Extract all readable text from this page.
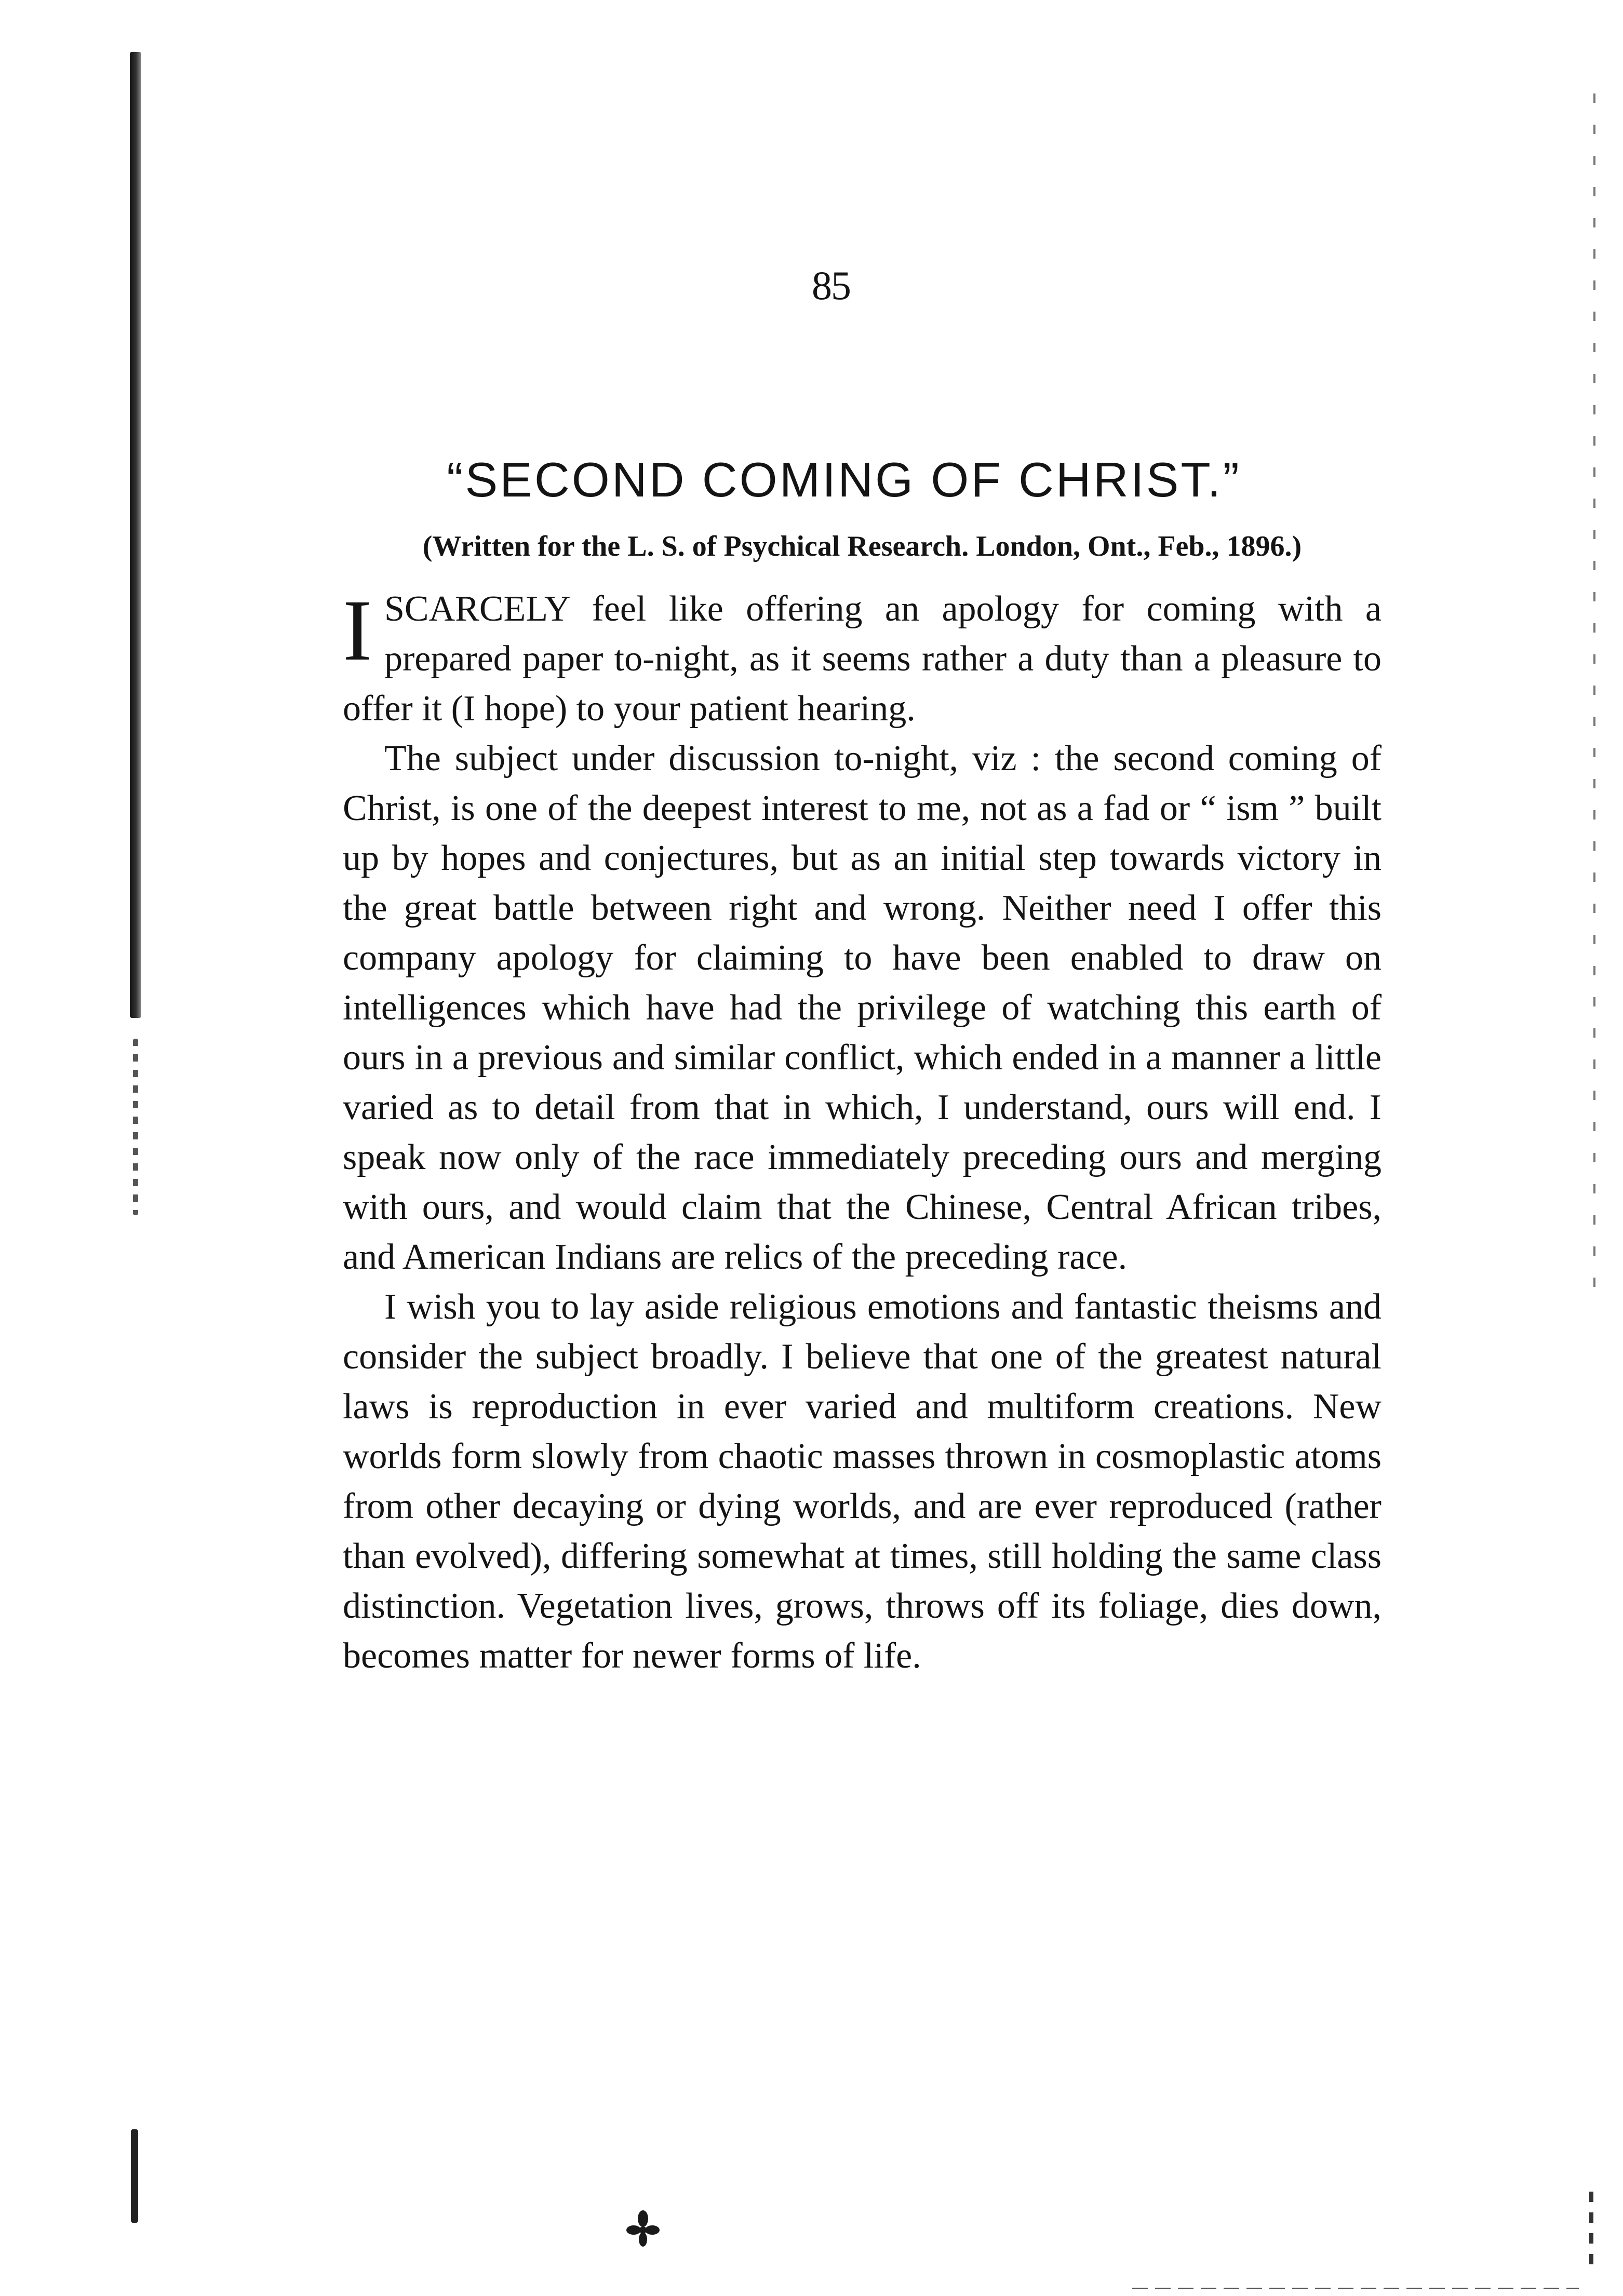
85
“SECOND COMING OF CHRIST.”
(Written for the L. S. of Psychical Research. London, Ont., Feb., 1896.)

I SCARCELY feel like offering an apology for coming with a prepared paper to-night, as it seems rather a duty than a pleasure to offer it (I hope) to your patient hearing.

The subject under discussion to-night, viz : the second coming of Christ, is one of the deepest interest to me, not as a fad or “ ism ” built up by hopes and conjectures, but as an initial step towards victory in the great battle between right and wrong. Neither need I offer this company apology for claiming to have been enabled to draw on intelligences which have had the privilege of watching this earth of ours in a previous and similar conflict, which ended in a manner a little varied as to detail from that in which, I understand, ours will end. I speak now only of the race immediately preceding ours and merging with ours, and would claim that the Chinese, Central African tribes, and American Indians are relics of the preceding race.

I wish you to lay aside religious emotions and fantastic theisms and consider the subject broadly. I believe that one of the greatest natural laws is reproduction in ever varied and multiform creations. New worlds form slowly from chaotic masses thrown in cosmoplastic atoms from other decaying or dying worlds, and are ever reproduced (rather than evolved), differing somewhat at times, still holding the same class distinction. Vegetation lives, grows, throws off its foliage, dies down, becomes matter for newer forms of life.
